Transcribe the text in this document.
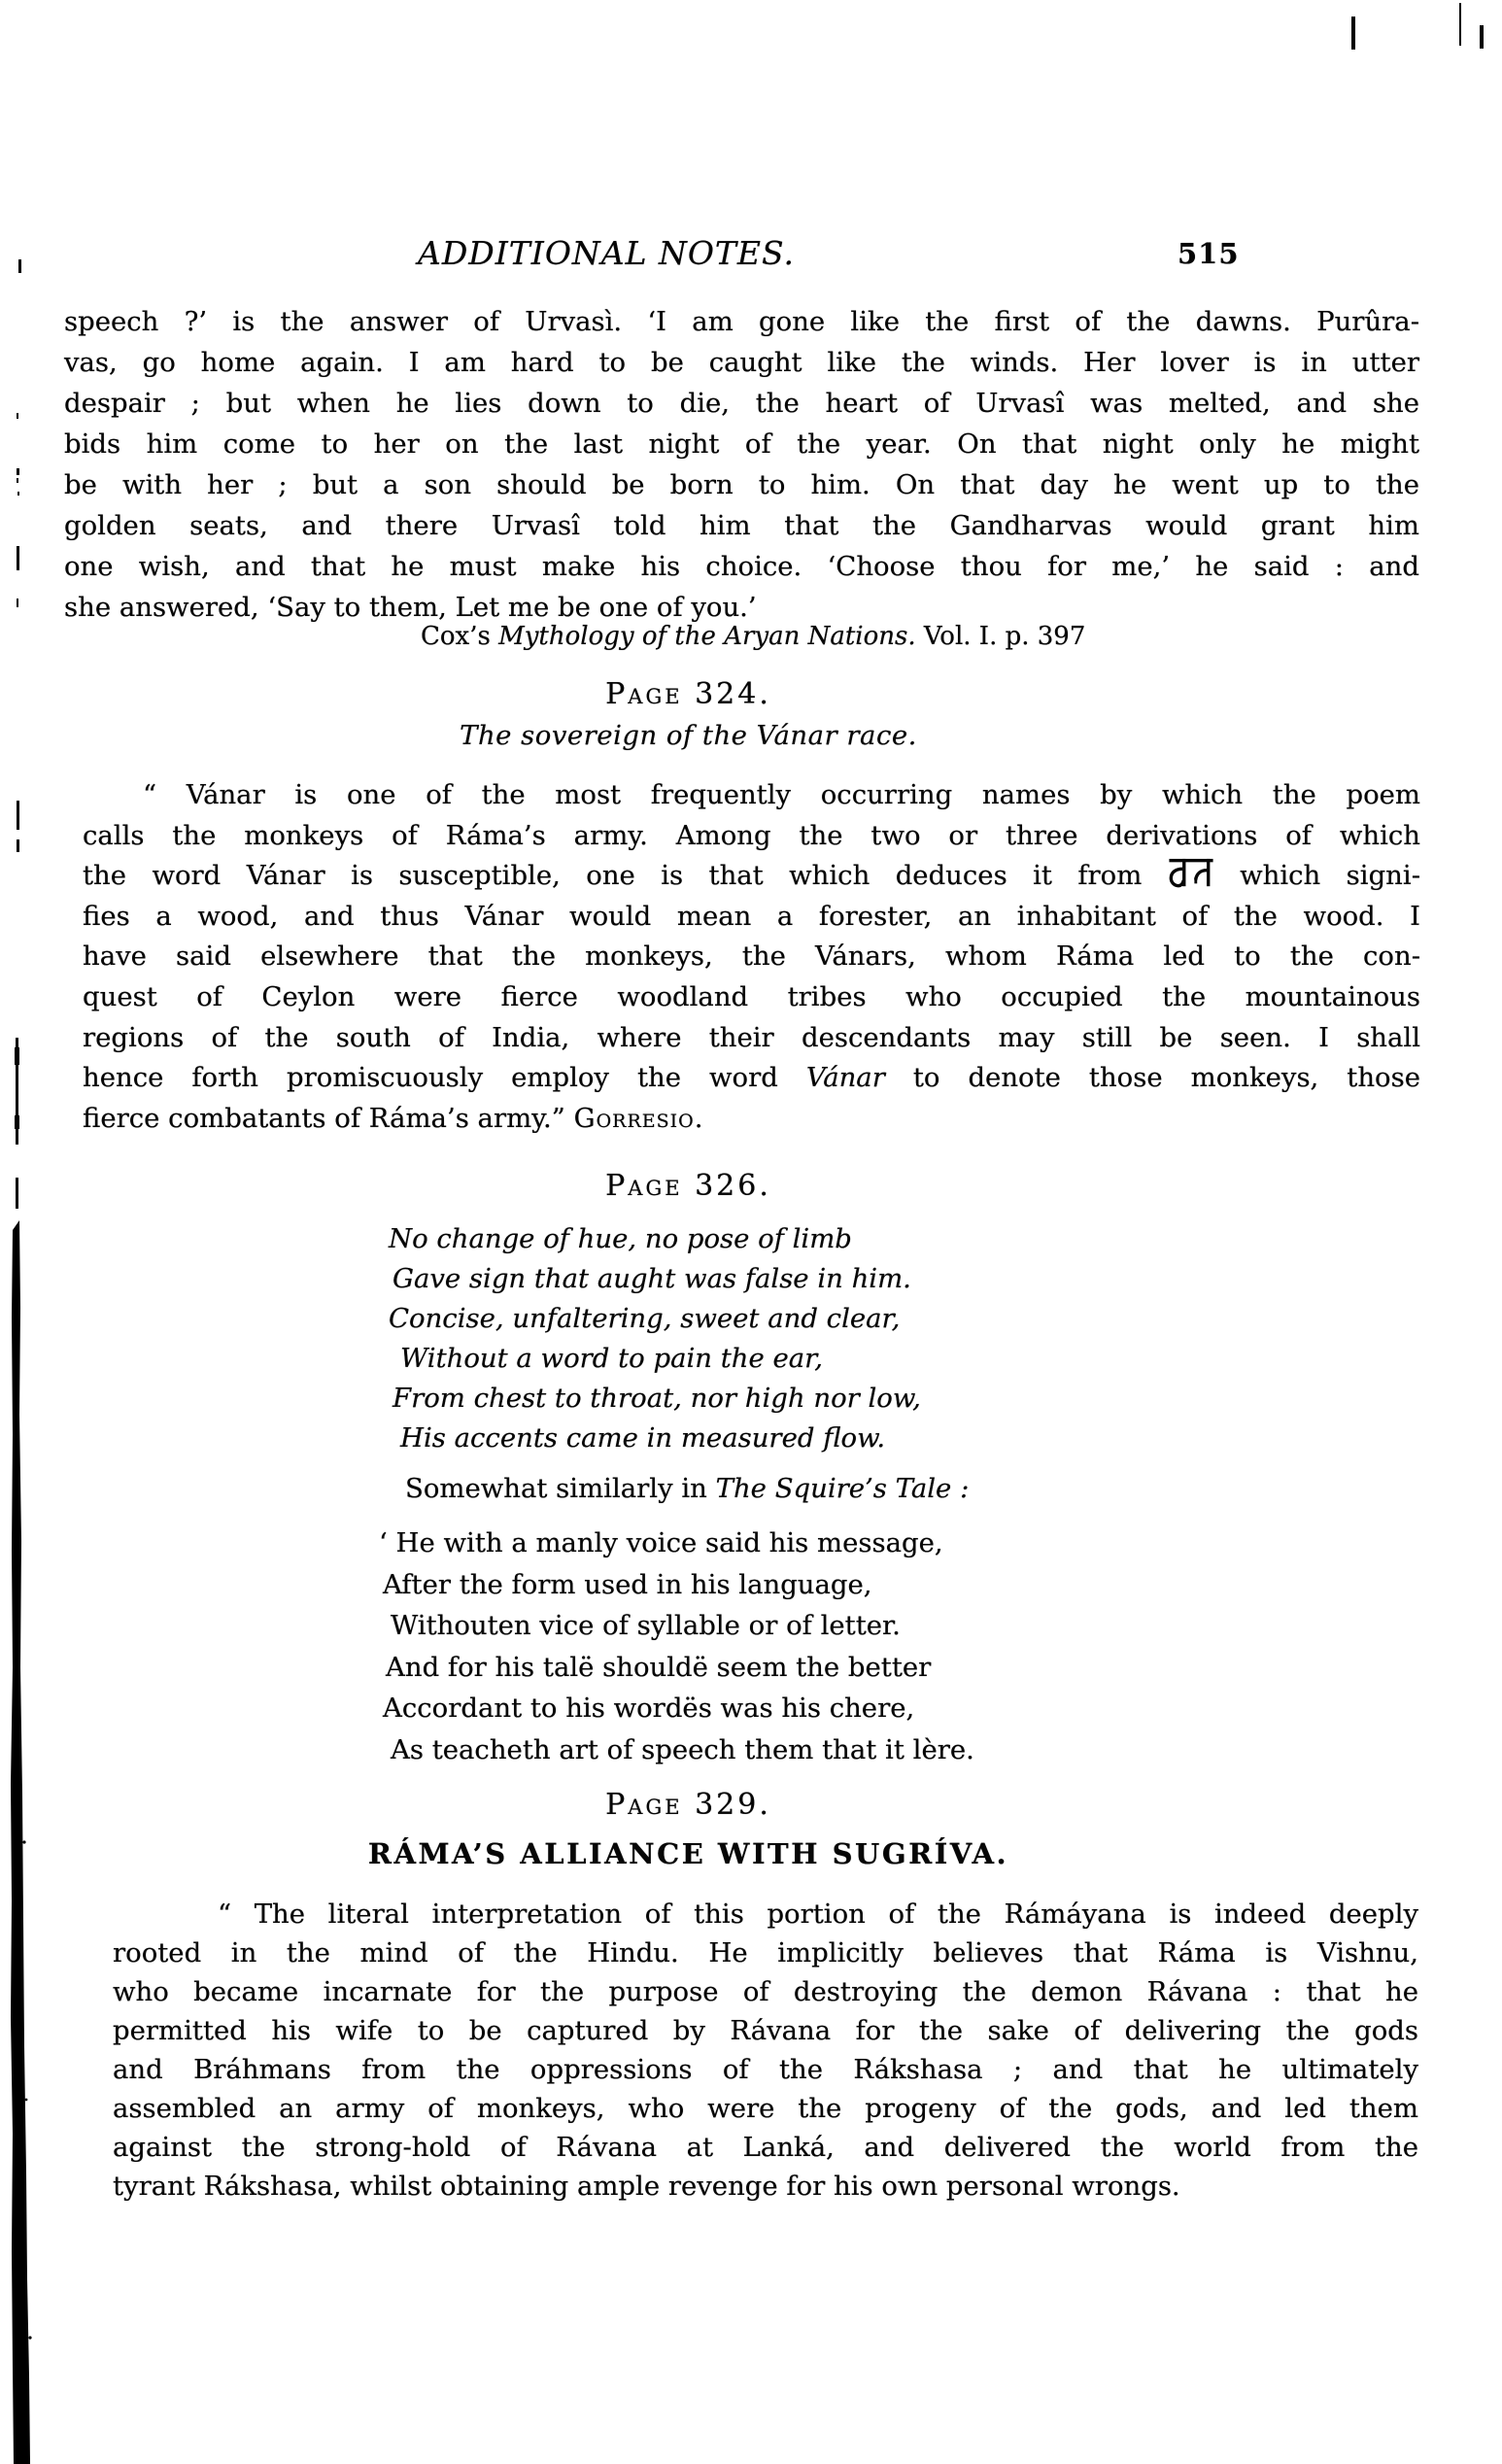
ADDITIONAL NOTES.	515
speech ?’ is the answer of Urvasì. ‘I am gone like the first of the dawns. Purûra-
vas, go home again. I am hard to be caught like the winds. Her lover is in utter
despair ; but when he lies down to die, the heart of Urvasî was melted, and she
bids him come to her on the last night of the year. On that night only he might
be with her ; but a son should be born to him. On that day he went up to the
golden seats, and there Urvasî told him that the Gandharvas would grant him
one wish, and that he must make his choice. ‘Choose thou for me,’ he said : and
she answered, ‘Say to them, Let me be one of you.’
Cox’s Mythology of the Aryan Nations. Vol. I. p. 397
Page 324.
The sovereign of the Vánar race.
“ Vánar is one of the most frequently occurring names by which the poem
calls the monkeys of Ráma’s army. Among the two or three derivations of which
the word Vánar is susceptible, one is that which deduces it from	which signi-
fies a wood, and thus Vánar would mean a forester, an inhabitant of the wood. I
have said elsewhere that the monkeys, the Vánars, whom Ráma led to the con-
quest of Ceylon were fierce woodland tribes who occupied the mountainous
regions of the south of India, where their descendants may still be seen. I shall
hence forth promiscuously employ the word Vánar to denote those monkeys, those
fierce combatants of Ráma’s army.” Gorresio.
Page 326.
No change of hue, no pose of limb
Gave sign that aught was false in him.
Concise, unfaltering, sweet and clear,
Without a word to pain the ear,
From chest to throat, nor high nor low,
His accents came in measured flow.
Somewhat similarly in The Squire’s Tale :
‘ He with a manly voice said his message,
After the form used in his language,
Withouten vice of syllable or of letter.
And for his talë shouldë seem the better
Accordant to his wordës was his chere,
As teacheth art of speech them that it lère.
Page 329.
RÁMA’S ALLIANCE WITH SUGRÍVA.
“ The literal interpretation of this portion of the Rámáyana is indeed deeply
rooted in the mind of the Hindu. He implicitly believes that Ráma is Vishnu,
who became incarnate for the purpose of destroying the demon Rávana : that he
permitted his wife to be captured by Rávana for the sake of delivering the gods
and Bráhmans from the oppressions of the Rákshasa ; and that he ultimately
assembled an army of monkeys, who were the progeny of the gods, and led them
against the strong-hold of Rávana at Lanká, and delivered the world from the
tyrant Rákshasa, whilst obtaining ample revenge for his own personal wrongs.
